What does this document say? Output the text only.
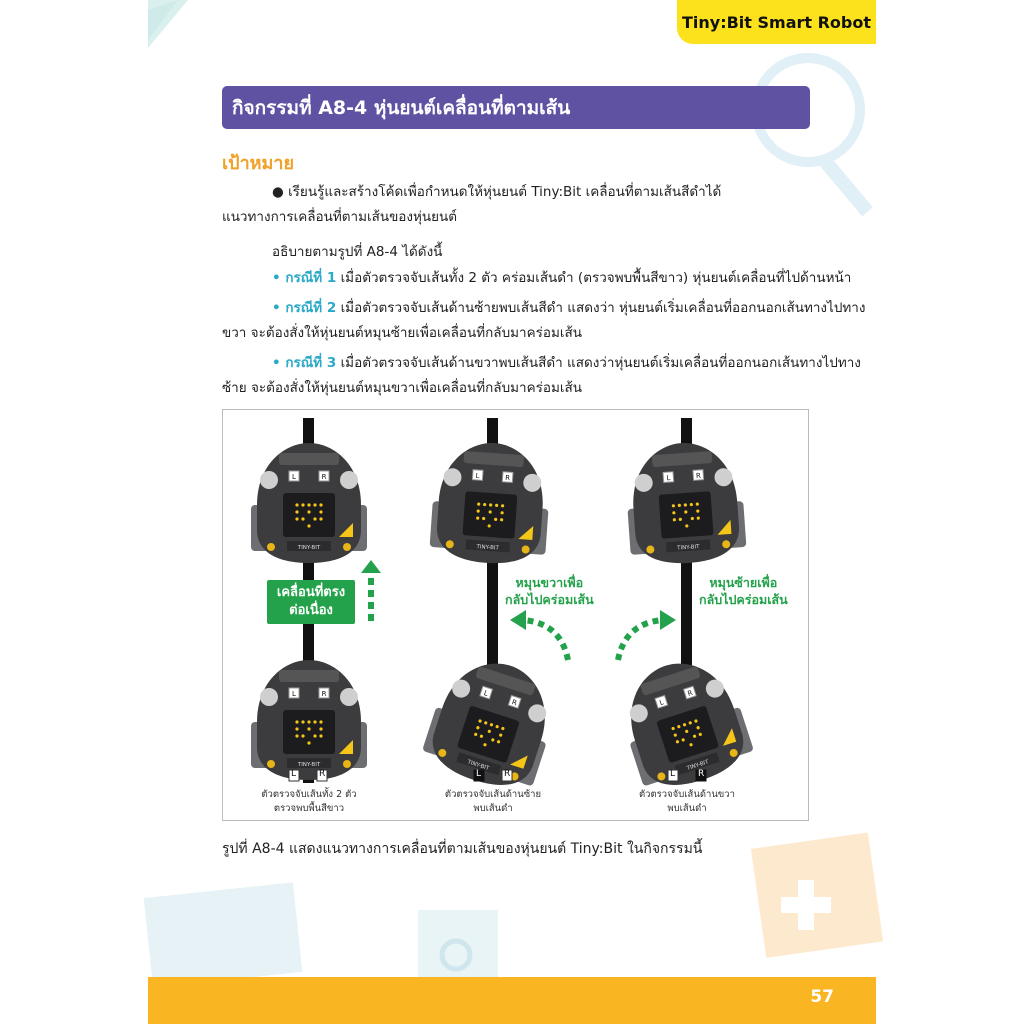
Tiny:Bit Smart Robot
กิจกรรมที่ A8-4 หุ่นยนต์เคลื่อนที่ตามเส้น
เป้าหมาย
● เรียนรู้และสร้างโค้ดเพื่อกำหนดให้หุ่นยนต์ Tiny:Bit เคลื่อนที่ตามเส้นสีดำได้
แนวทางการเคลื่อนที่ตามเส้นของหุ่นยนต์
อธิบายตามรูปที่ A8-4 ได้ดังนี้
• กรณีที่ 1 เมื่อตัวตรวจจับเส้นทั้ง 2 ตัว คร่อมเส้นดำ (ตรวจพบพื้นสีขาว) หุ่นยนต์เคลื่อนที่ไปด้านหน้า
• กรณีที่ 2 เมื่อตัวตรวจจับเส้นด้านซ้ายพบเส้นสีดำ แสดงว่า หุ่นยนต์เริ่มเคลื่อนที่ออกนอกเส้นทางไปทาง
ขวา จะต้องสั่งให้หุ่นยนต์หมุนซ้ายเพื่อเคลื่อนที่กลับมาคร่อมเส้น
• กรณีที่ 3 เมื่อตัวตรวจจับเส้นด้านขวาพบเส้นสีดำ แสดงว่าหุ่นยนต์เริ่มเคลื่อนที่ออกนอกเส้นทางไปทาง
ซ้าย จะต้องสั่งให้หุ่นยนต์หมุนขวาเพื่อเคลื่อนที่กลับมาคร่อมเส้น
R
TINY-BIT
L	R	L	R	L	R
เคลื่อนที่ตรง ต่อเนื่อง
หมุนขวาเพื่อ
กลับไปคร่อมเส้น
หมุนซ้ายเพื่อ
กลับไปคร่อมเส้น
ตัวตรวจจับเส้นทั้ง 2 ตัว
ตรวจพบพื้นสีขาว
ตัวตรวจจับเส้นด้านซ้าย
พบเส้นดำ
ตัวตรวจจับเส้นด้านขวา
พบเส้นดำ
รูปที่ A8-4 แสดงแนวทางการเคลื่อนที่ตามเส้นของหุ่นยนต์ Tiny:Bit ในกิจกรรมนี้
57
